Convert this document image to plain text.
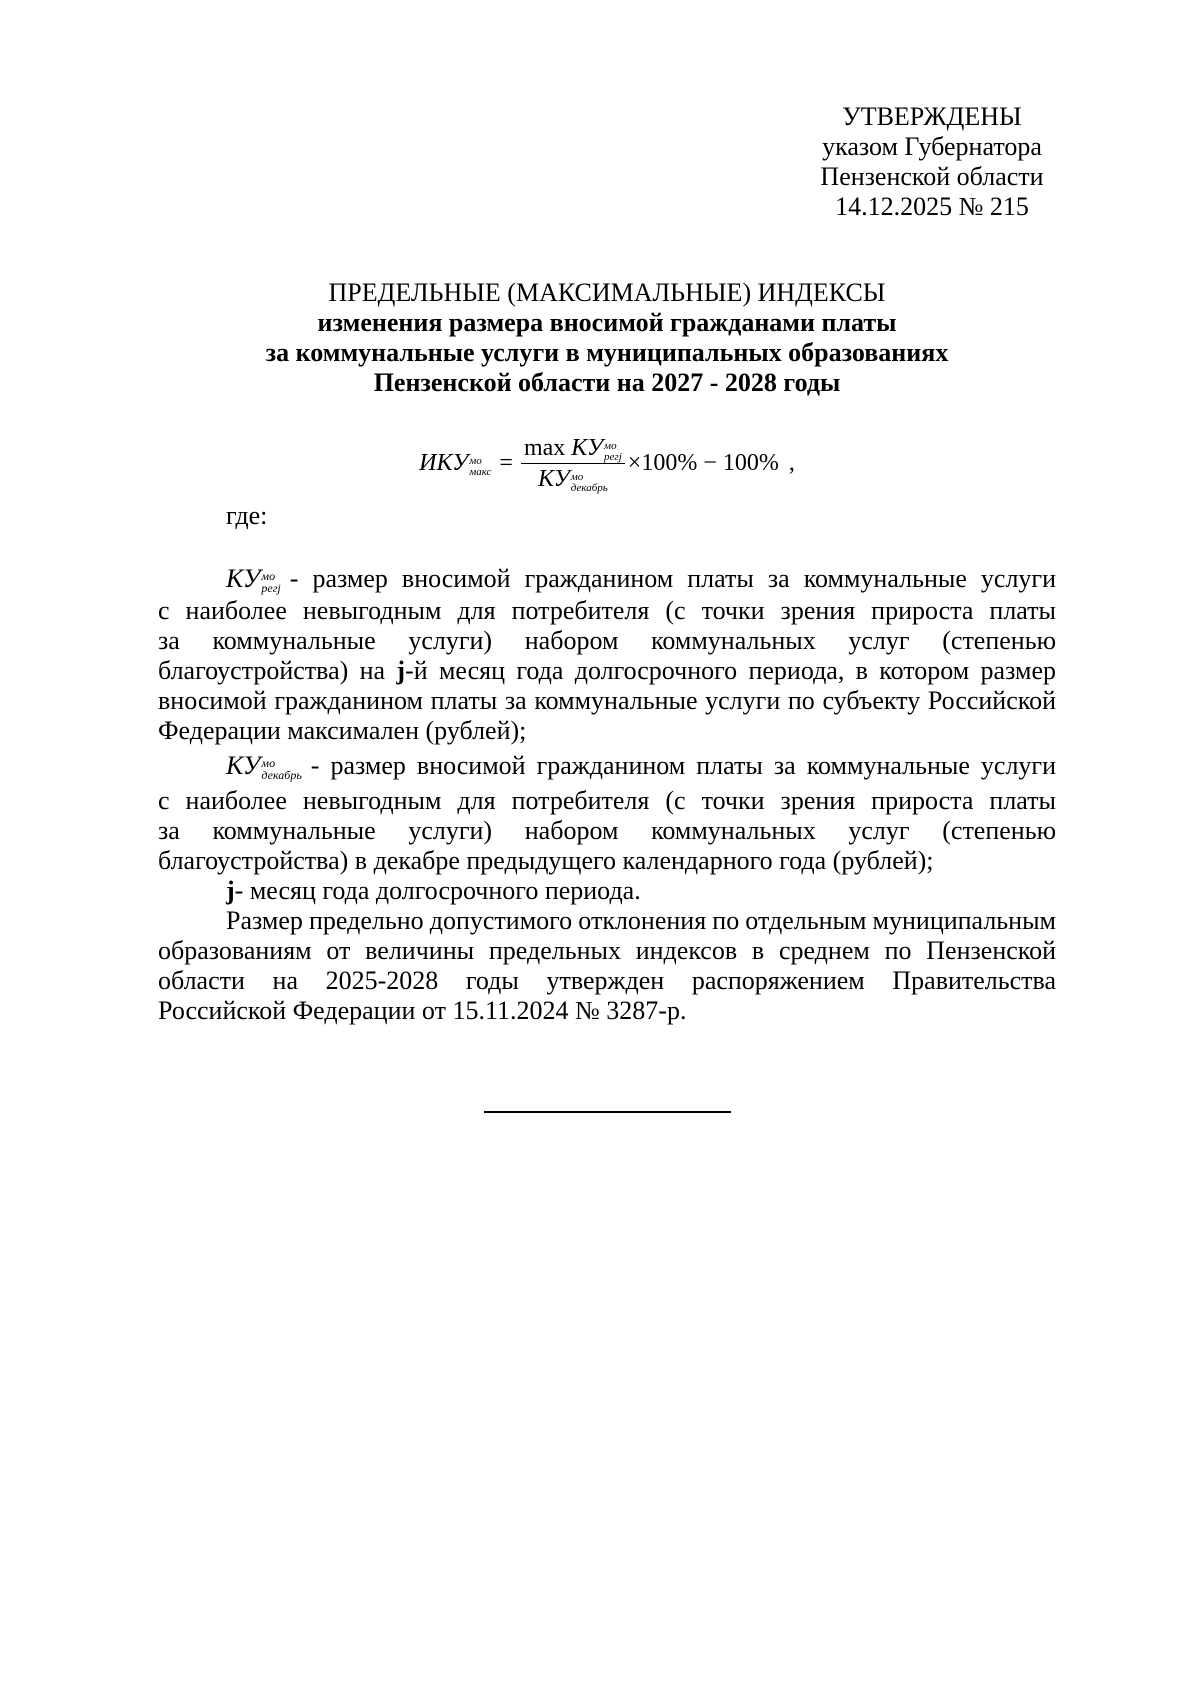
УТВЕРЖДЕНЫ
указом Губернатора
Пензенской области
14.12.2025 № 215
ПРЕДЕЛЬНЫЕ (МАКСИМАЛЬНЫЕ) ИНДЕКСЫ
изменения размера вносимой гражданами платы
за коммунальные услуги в муниципальных образованиях
Пензенской области на 2027 - 2028 годы
ИКУ мо
макс = max КУ мо
регj
КУ мо
декабрь ×100% − 100% ,
где:
КУ мо
регj - размер вносимой гражданином платы за коммунальные услуги
с наиболее невыгодным для потребителя (с точки зрения прироста платы
за коммунальные услуги) набором коммунальных услуг (степенью
благоустройства) на j-й месяц года долгосрочного периода, в котором размер
вносимой гражданином платы за коммунальные услуги по субъекту Российской
Федерации максимален (рублей);
КУ мо
декабрь - размер вносимой гражданином платы за коммунальные услуги
с наиболее невыгодным для потребителя (с точки зрения прироста платы
за коммунальные услуги) набором коммунальных услуг (степенью
благоустройства) в декабре предыдущего календарного года (рублей);
j- месяц года долгосрочного периода.
Размер предельно допустимого отклонения по отдельным муниципальным
образованиям от величины предельных индексов в среднем по Пензенской
области на 2025-2028 годы утвержден распоряжением Правительства
Российской Федерации от 15.11.2024 № 3287-р.
